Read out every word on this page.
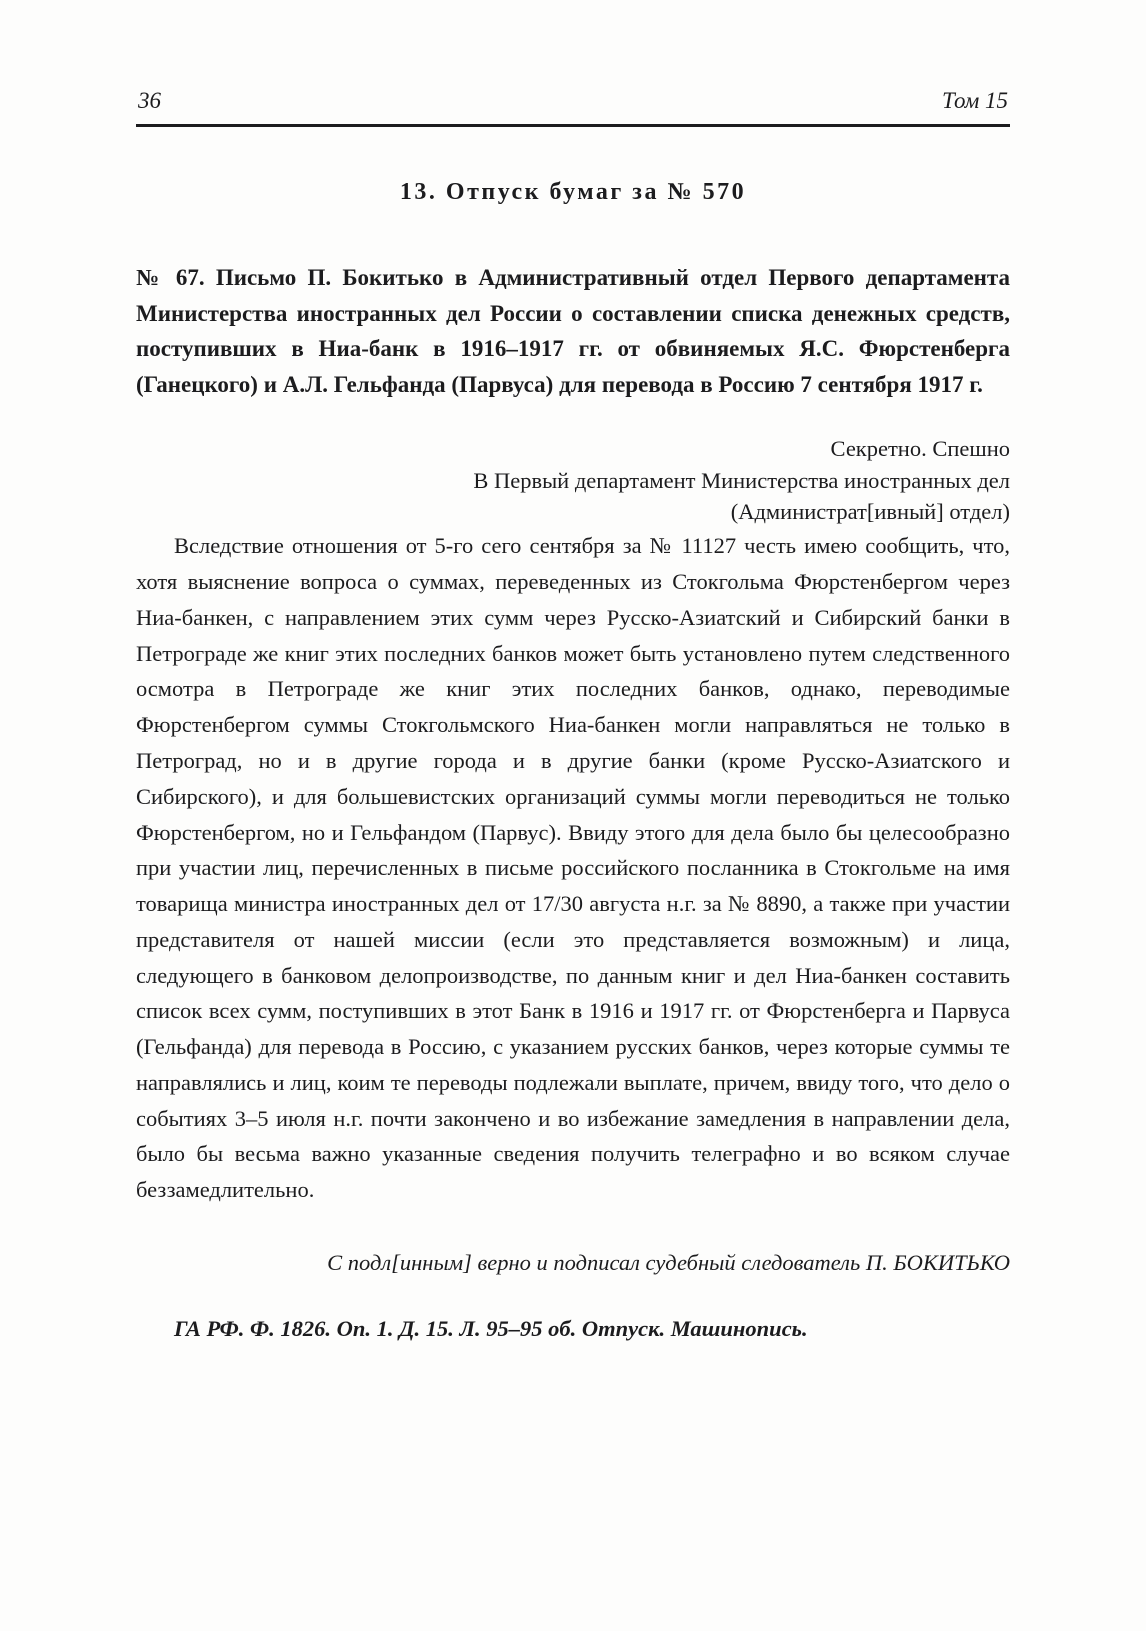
36	Том 15
13. Отпуск бумаг за № 570

№ 67. Письмо П. Бокитько в Административный отдел Первого департамента Министерства иностранных дел России о составлении списка денежных средств, поступивших в Ниа-банк в 1916–1917 гг. от обвиняемых Я.С. Фюрстенберга (Ганецкого) и А.Л. Гельфанда (Парвуса) для перевода в Россию 7 сентября 1917 г.

Секретно. Спешно
В Первый департамент Министерства иностранных дел
(Администрат[ивный] отдел)

Вследствие отношения от 5-го сего сентября за № 11127 честь имею сообщить, что, хотя выяснение вопроса о суммах, переведенных из Стокгольма Фюрстенбергом через Ниа-банкен, с направлением этих сумм через Русско-Азиатский и Сибирский банки в Петрограде же книг этих последних банков может быть установлено путем следственного осмотра в Петрограде же книг этих последних банков, однако, переводимые Фюрстенбергом суммы Стокгольмского Ниа-банкен могли направляться не только в Петроград, но и в другие города и в другие банки (кроме Русско-Азиатского и Сибирского), и для большевистских организаций суммы могли переводиться не только Фюрстенбергом, но и Гельфандом (Парвус). Ввиду этого для дела было бы целесообразно при участии лиц, перечисленных в письме российского посланника в Стокгольме на имя товарища министра иностранных дел от 17/30 августа н.г. за № 8890, а также при участии представителя от нашей миссии (если это представляется возможным) и лица, следующего в банковом делопроизводстве, по данным книг и дел Ниа-банкен составить список всех сумм, поступивших в этот Банк в 1916 и 1917 гг. от Фюрстенберга и Парвуса (Гельфанда) для перевода в Россию, с указанием русских банков, через которые суммы те направлялись и лиц, коим те переводы подлежали выплате, причем, ввиду того, что дело о событиях 3–5 июля н.г. почти закончено и во избежание замедления в направлении дела, было бы весьма важно указанные сведения получить телеграфно и во всяком случае беззамедлительно.

С подл[инным] верно и подписал судебный следователь П. БОКИТЬКО
ГА РФ. Ф. 1826. Оп. 1. Д. 15. Л. 95–95 об. Отпуск. Машинопись.
